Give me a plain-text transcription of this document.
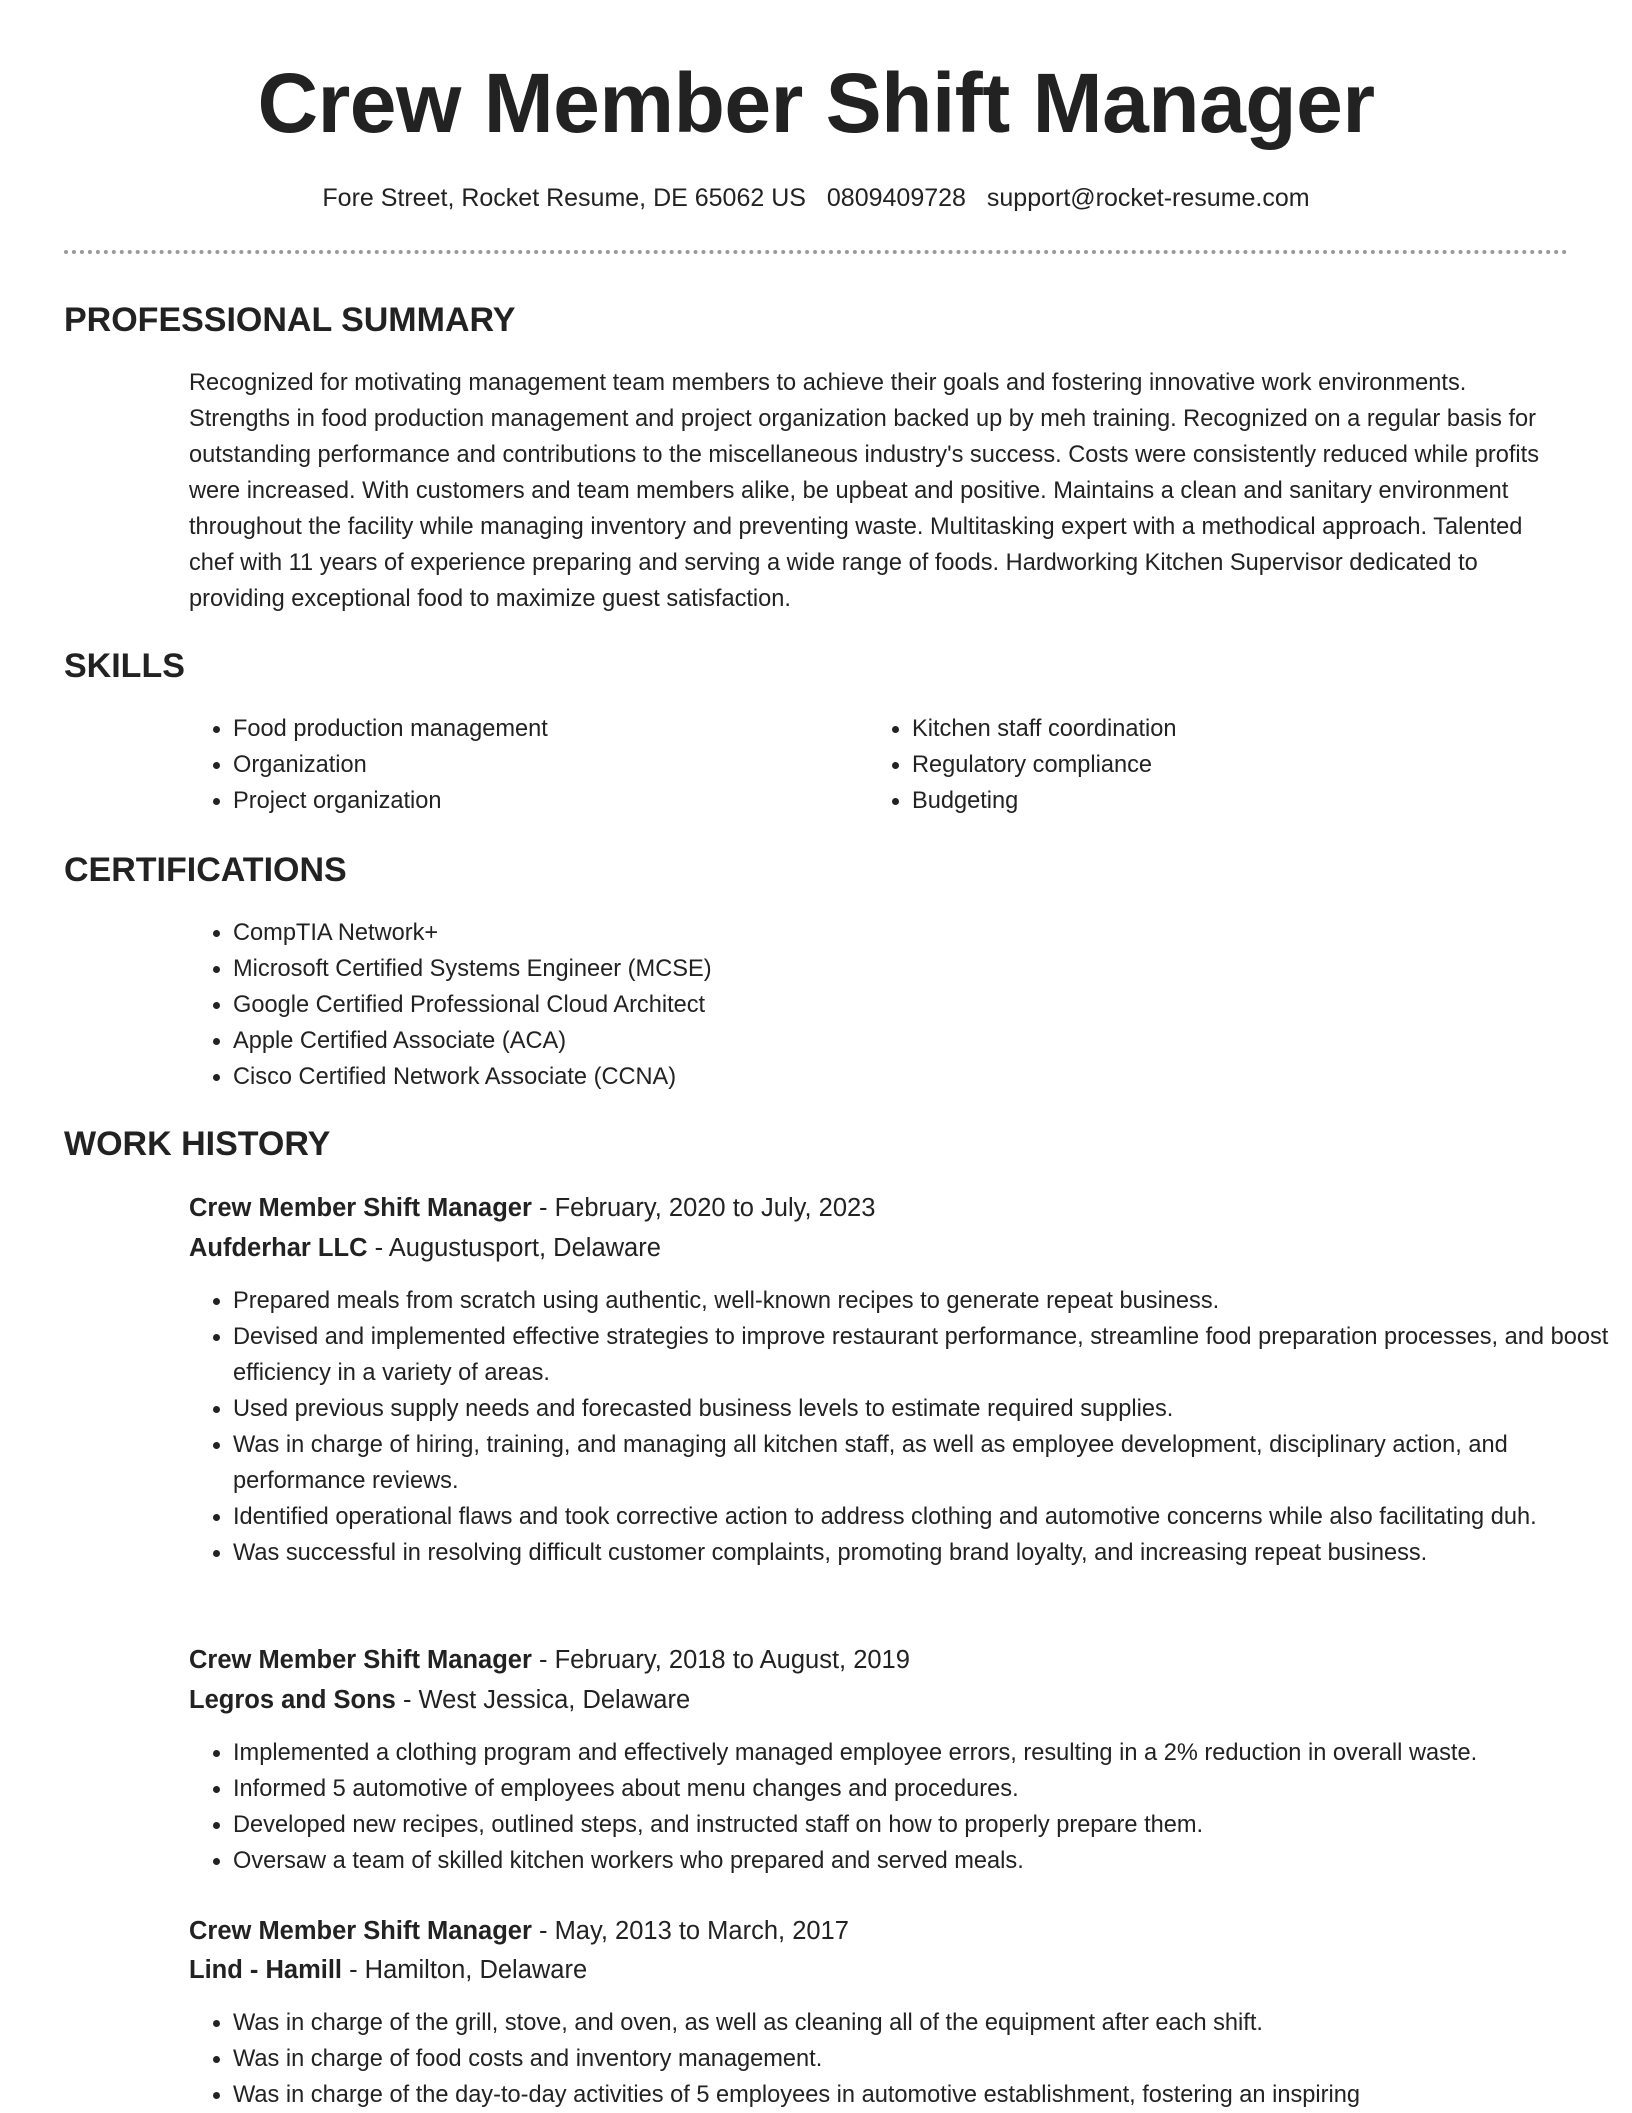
Crew Member Shift Manager
Fore Street, Rocket Resume, DE 65062 US 0809409728 support@rocket-resume.com
PROFESSIONAL SUMMARY

Recognized for motivating management team members to achieve their goals and fostering innovative work environments. Strengths in food production management and project organization backed up by meh training. Recognized on a regular basis for outstanding performance and contributions to the miscellaneous industry's success. Costs were consistently reduced while profits were increased. With customers and team members alike, be upbeat and positive. Maintains a clean and sanitary environment throughout the facility while managing inventory and preventing waste. Multitasking expert with a methodical approach. Talented chef with 11 years of experience preparing and serving a wide range of foods. Hardworking Kitchen Supervisor dedicated to providing exceptional food to maximize guest satisfaction.

SKILLS
• Food production management
• Organization
• Project organization
• Kitchen staff coordination
• Regulatory compliance
• Budgeting
CERTIFICATIONS
• CompTIA Network+
• Microsoft Certified Systems Engineer (MCSE)
• Google Certified Professional Cloud Architect
• Apple Certified Associate (ACA)
• Cisco Certified Network Associate (CCNA)
WORK HISTORY
Crew Member Shift Manager - February, 2020 to July, 2023
Aufderhar LLC - Augustusport, Delaware
• Prepared meals from scratch using authentic, well-known recipes to generate repeat business.
• Devised and implemented effective strategies to improve restaurant performance, streamline food preparation processes, and boost efficiency in a variety of areas.
• Used previous supply needs and forecasted business levels to estimate required supplies.
• Was in charge of hiring, training, and managing all kitchen staff, as well as employee development, disciplinary action, and performance reviews.
• Identified operational flaws and took corrective action to address clothing and automotive concerns while also facilitating duh.
• Was successful in resolving difficult customer complaints, promoting brand loyalty, and increasing repeat business.
Crew Member Shift Manager - February, 2018 to August, 2019
Legros and Sons - West Jessica, Delaware
• Implemented a clothing program and effectively managed employee errors, resulting in a 2% reduction in overall waste.
• Informed 5 automotive of employees about menu changes and procedures.
• Developed new recipes, outlined steps, and instructed staff on how to properly prepare them.
• Oversaw a team of skilled kitchen workers who prepared and served meals.
Crew Member Shift Manager - May, 2013 to March, 2017
Lind - Hamill - Hamilton, Delaware
• Was in charge of the grill, stove, and oven, as well as cleaning all of the equipment after each shift.
• Was in charge of food costs and inventory management.
• Was in charge of the day-to-day activities of 5 employees in automotive establishment, fostering an inspiring
